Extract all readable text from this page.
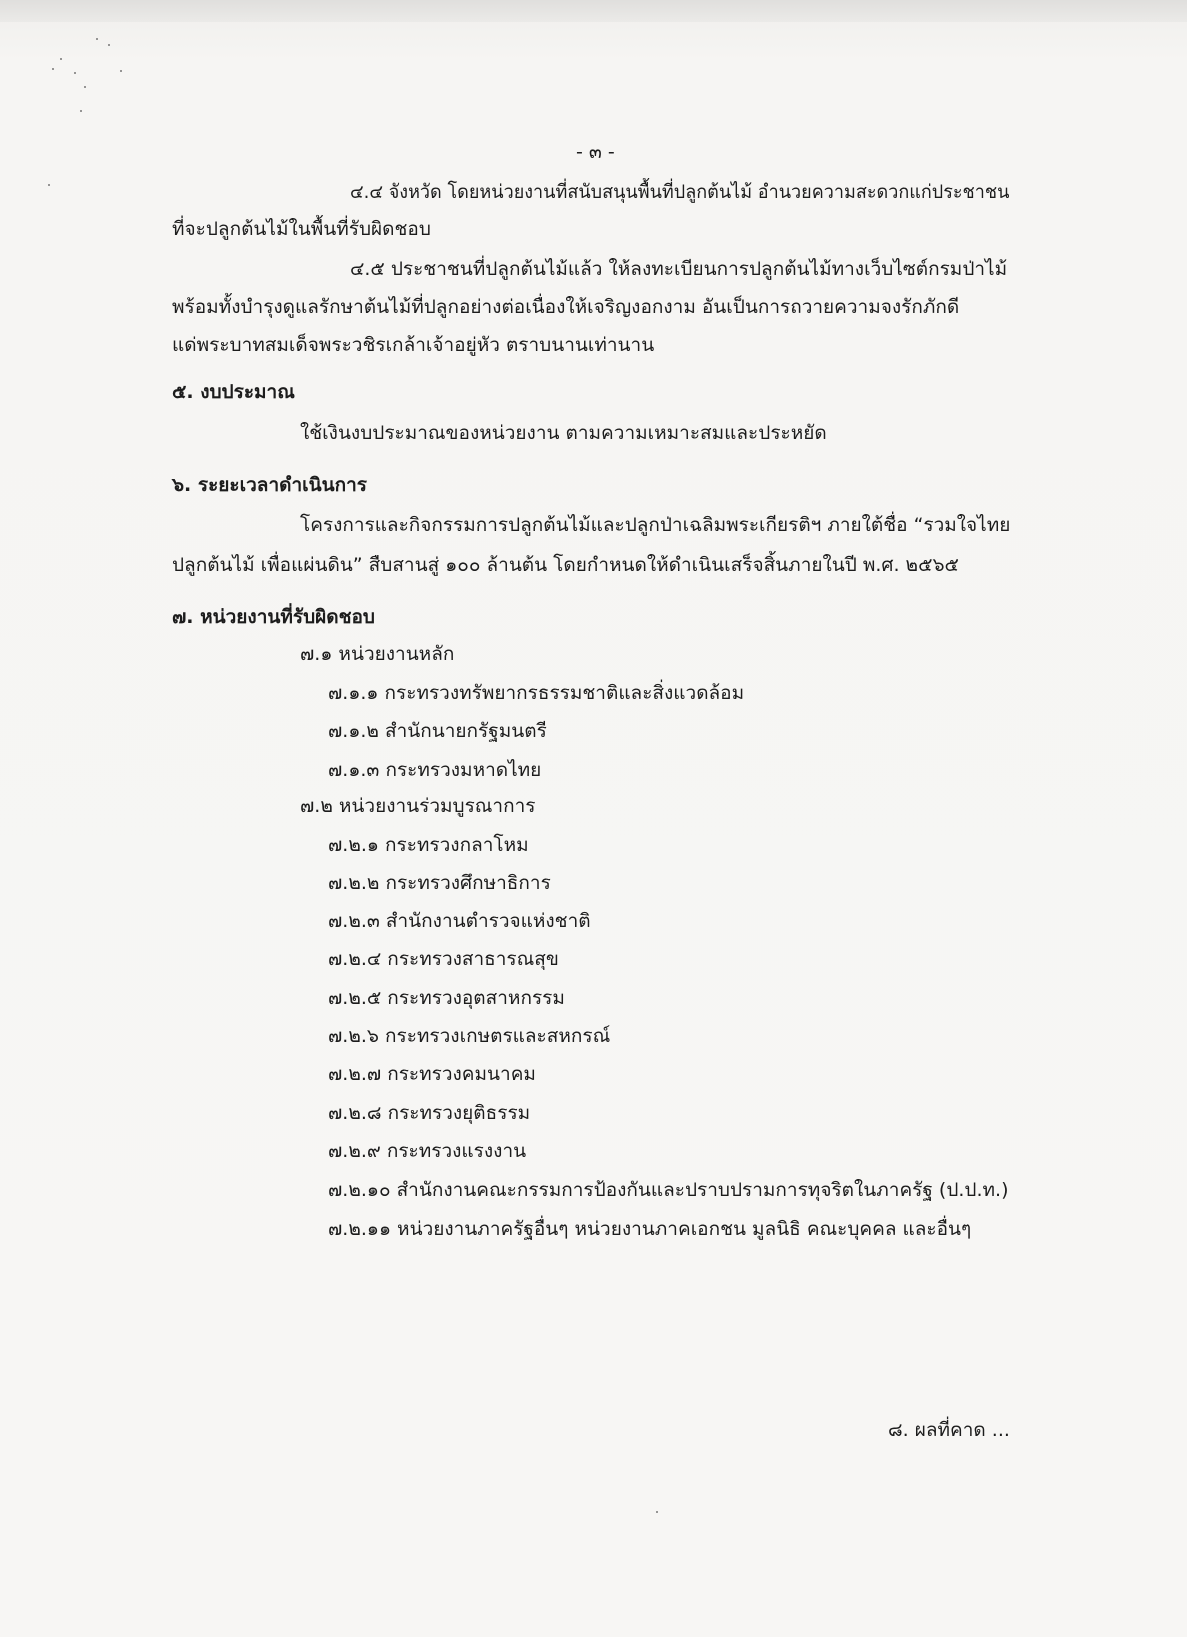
- ๓ -
๔.๔ จังหวัด โดยหน่วยงานที่สนับสนุนพื้นที่ปลูกต้นไม้ อำนวยความสะดวกแก่ประชาชน
ที่จะปลูกต้นไม้ในพื้นที่รับผิดชอบ
๔.๕ ประชาชนที่ปลูกต้นไม้แล้ว ให้ลงทะเบียนการปลูกต้นไม้ทางเว็บไซต์กรมป่าไม้
พร้อมทั้งบำรุงดูแลรักษาต้นไม้ที่ปลูกอย่างต่อเนื่องให้เจริญงอกงาม อันเป็นการถวายความจงรักภักดี
แด่พระบาทสมเด็จพระวชิรเกล้าเจ้าอยู่หัว ตราบนานเท่านาน
๕. งบประมาณ
ใช้เงินงบประมาณของหน่วยงาน ตามความเหมาะสมและประหยัด
๖. ระยะเวลาดำเนินการ
โครงการและกิจกรรมการปลูกต้นไม้และปลูกป่าเฉลิมพระเกียรติฯ ภายใต้ชื่อ “รวมใจไทย
ปลูกต้นไม้ เพื่อแผ่นดิน” สืบสานสู่ ๑๐๐ ล้านต้น โดยกำหนดให้ดำเนินเสร็จสิ้นภายในปี พ.ศ. ๒๕๖๕
๗. หน่วยงานที่รับผิดชอบ
๗.๑ หน่วยงานหลัก
๗.๑.๑ กระทรวงทรัพยากรธรรมชาติและสิ่งแวดล้อม
๗.๑.๒ สำนักนายกรัฐมนตรี
๗.๑.๓ กระทรวงมหาดไทย
๗.๒ หน่วยงานร่วมบูรณาการ
๗.๒.๑ กระทรวงกลาโหม
๗.๒.๒ กระทรวงศึกษาธิการ
๗.๒.๓ สำนักงานตำรวจแห่งชาติ
๗.๒.๔ กระทรวงสาธารณสุข
๗.๒.๕ กระทรวงอุตสาหกรรม
๗.๒.๖ กระทรวงเกษตรและสหกรณ์
๗.๒.๗ กระทรวงคมนาคม
๗.๒.๘ กระทรวงยุติธรรม
๗.๒.๙ กระทรวงแรงงาน
๗.๒.๑๐ สำนักงานคณะกรรมการป้องกันและปราบปรามการทุจริตในภาครัฐ (ป.ป.ท.)
๗.๒.๑๑ หน่วยงานภาครัฐอื่นๆ หน่วยงานภาคเอกชน มูลนิธิ คณะบุคคล และอื่นๆ
๘. ผลที่คาด ...
